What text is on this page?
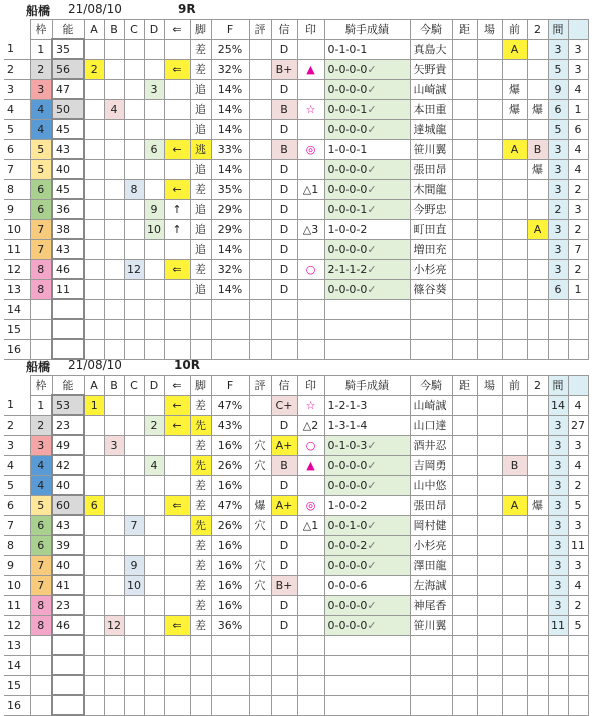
船橋 21/08/10	9R
	枠	能	A	B	C	D	⇐	脚	F	評	信	印	騎手成績	今騎	距	場	前	2	間	
1	1	35						差	25%		D		0-1-0-1	真島大			A		3	3
2	2	56	2				⇐	差	32%		B+	▲	0-0-0-0✓	矢野貴					5	3
3	3	47				3		追	14%		D		0-0-0-0✓	山崎誠			爆		9	4
4	4	50		4				追	14%		B	☆	0-0-0-1✓	本田重			爆	爆	6	1
5	4	45						追	14%		D		0-0-0-0✓	達城龍					5	6
6	5	43				6	←	逃	33%		B	◎	1-0-0-1	笹川翼			A	B	3	4
7	5	40						追	14%		D		0-0-0-0✓	張田昂				爆	3	4
8	6	45			8		←	差	35%		D	△1	0-0-0-0✓	木間龍					3	2
9	6	36				9	↑	追	29%		D		0-0-0-1✓	今野忠					2	3
10	7	38				10	↑	追	29%		D	△3	1-0-0-2	町田直				A	3	2
11	7	43						追	14%		D		0-0-0-0✓	増田充					3	7
12	8	46			12		⇐	差	32%		D	○	2-1-1-2✓	小杉亮					3	2
13	8	11						追	14%		D		0-0-0-0✓	篠谷葵					6	1
14																				
15																				
16																				
船橋 21/08/10	10R
	枠	能	A	B	C	D	⇐	脚	F	評	信	印	騎手成績	今騎	距	場	前	2	間	
1	1	53	1				←	差	47%		C+	☆	1-2-1-3	山崎誠					14	4
2	2	23				2	←	先	43%		D	△2	1-3-1-4	山口達					3	27
3	3	49		3				差	16%	穴	A+	○	0-1-0-3✓	酒井忍					3	3
4	4	42				4		先	26%	穴	B	▲	0-0-0-0✓	吉岡勇			B		3	4
5	4	40						差	16%		D		0-0-0-0✓	山中悠					3	2
6	5	60	6				⇐	差	47%	爆	A+	◎	1-0-0-2	張田昂			A	爆	3	5
7	6	43			7			先	26%	穴	D	△1	0-0-1-0✓	岡村健					3	3
8	6	39						差	16%		D		0-0-0-2✓	小杉亮					3	11
9	7	40			9			差	16%	穴	D		0-0-0-0✓	澤田龍					3	3
10	7	41			10			差	16%	穴	B+		0-0-0-6	左海誠					3	4
11	8	23						差	16%		D		0-0-0-0✓	神尾香					3	2
12	8	46		12			⇐	差	36%		D		0-0-0-0✓	笹川翼					11	5
13																				
14																				
15																				
16																				
